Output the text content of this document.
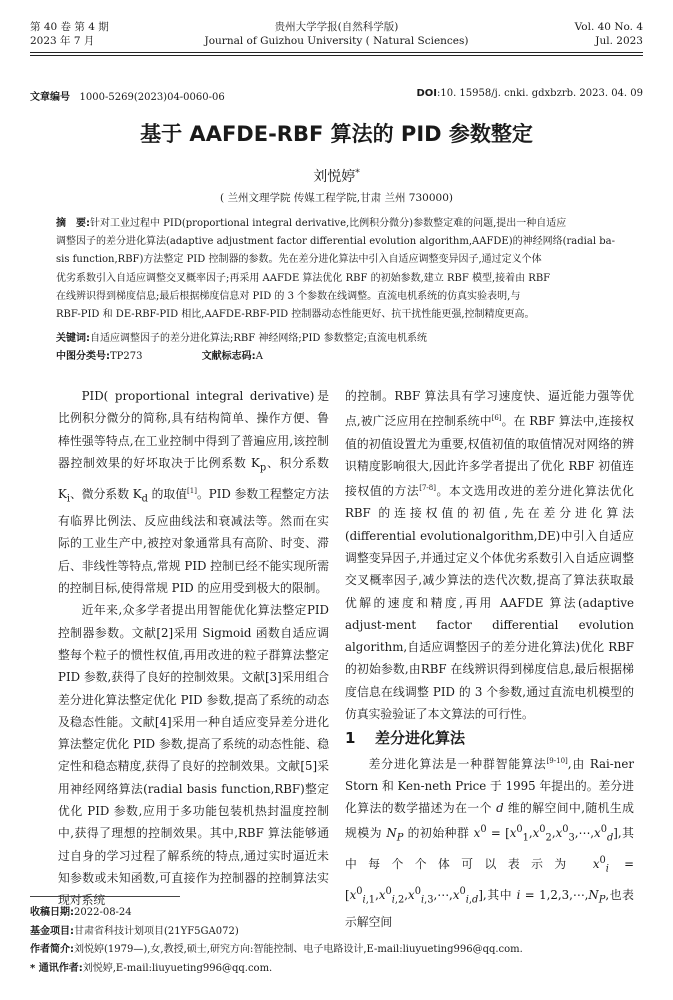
第 40 卷 第 4 期
2023 年 7 月
贵州大学学报(自然科学版)
Journal of Guizhou University ( Natural Sciences)
Vol. 40 No. 4
Jul. 2023
文章编号 1000-5269(2023)04-0060-06	DOI:10. 15958/j. cnki. gdxbzrb. 2023. 04. 09
基于 AAFDE-RBF 算法的 PID 参数整定
刘悦婷*
( 兰州文理学院 传媒工程学院,甘肃 兰州 730000)
摘　要:针对工业过程中 PID(proportional integral derivative,比例积分微分)参数整定难的问题,提出一种自适应
调整因子的差分进化算法(adaptive adjustment factor differential evolution algorithm,AAFDE)的神经网络(radial ba-
sis function,RBF)方法整定 PID 控制器的参数。先在差分进化算法中引入自适应调整变异因子,通过定义个体
优劣系数引入自适应调整交叉概率因子;再采用 AAFDE 算法优化 RBF 的初始参数,建立 RBF 模型,接着由 RBF
在线辨识得到梯度信息;最后根据梯度信息对 PID 的 3 个参数在线调整。直流电机系统的仿真实验表明,与
RBF-PID 和 DE-RBF-PID 相比,AAFDE-RBF-PID 控制器动态性能更好、抗干扰性能更强,控制精度更高。
关键词:自适应调整因子的差分进化算法;RBF 神经网络;PID 参数整定;直流电机系统
中图分类号:TP273	文献标志码:A

PID( proportional integral derivative)是比例积分微分的简称,具有结构简单、操作方便、鲁棒性强等特点,在工业控制中得到了普遍应用,该控制器控制效果的好坏取决于比例系数 $K_p$、积分系数 $K_i$、微分系数 $K_d$ 的取值[1]。PID 参数工程整定方法有临界比例法、反应曲线法和衰减法等。然而在实际的工业生产中,被控对象通常具有高阶、时变、滞后、非线性等特点,常规 PID 控制已经不能实现所需的控制目标,使得常规 PID 的应用受到极大的限制。

近年来,众多学者提出用智能优化算法整定PID 控制器参数。文献[2]采用 Sigmoid 函数自适应调整每个粒子的惯性权值,再用改进的粒子群算法整定 PID 参数,获得了良好的控制效果。文献[3]采用组合差分进化算法整定优化 PID 参数,提高了系统的动态及稳态性能。文献[4]采用一种自适应变异差分进化算法整定优化 PID 参数,提高了系统的动态性能、稳定性和稳态精度,获得了良好的控制效果。文献[5]采用神经网络算法(radial basis function,RBF)整定优化 PID 参数,应用于多功能包装机热封温度控制中,获得了理想的控制效果。其中,RBF 算法能够通过自身的学习过程了解系统的特点,通过实时逼近未知参数或未知函数,可直接作为控制器的控制算法实现对系统

的控制。RBF 算法具有学习速度快、逼近能力强等优点,被广泛应用在控制系统中[6]。在 RBF 算法中,连接权值的初值设置尤为重要,权值初值的取值情况对网络的辨识精度影响很大,因此许多学者提出了优化 RBF 初值连接权值的方法[7-8]。本文选用改进的差分进化算法优化 RBF 的连接权值的初值,先在差分进化算法(differential evolutionalgorithm,DE)中引入自适应调整变异因子,并通过定义个体优劣系数引入自适应调整交叉概率因子,减少算法的迭代次数,提高了算法获取最优解的速度和精度,再用 AAFDE 算法(adaptive adjust-ment factor differential evolution algorithm,自适应调整因子的差分进化算法)优化 RBF 的初始参数,由RBF 在线辨识得到梯度信息,最后根据梯度信息在线调整 PID 的 3 个参数,通过直流电机模型的仿真实验验证了本文算法的可行性。

1 差分进化算法

差分进化算法是一种群智能算法[9-10],由 Rai-ner Storn 和 Ken-neth Price 于 1995 年提出的。差分进化算法的数学描述为在一个 d 维的解空间中,随机生成规模为 $N_P$ 的初始种群 $x^0$ = $[x^0_1,x^0_2,x^0_3,\cdots,x^0_d]$,其中每个个体可以表示为 $x^0_i$ = $[x^0_{i,1},x^0_{i,2},x^0_{i,3},\cdots,x^0_{i,d}]$,其中 $i = 1,2,3,\cdots,N_P$,也表示解空间

收稿日期:2022-08-24
基金项目:甘肃省科技计划项目(21YF5GA072)
作者简介:刘悦婷(1979—),女,教授,硕士,研究方向:智能控制、电子电路设计,E-mail:liuyueting996@qq.com.
* 通讯作者:刘悦婷,E-mail:liuyueting996@qq.com.
